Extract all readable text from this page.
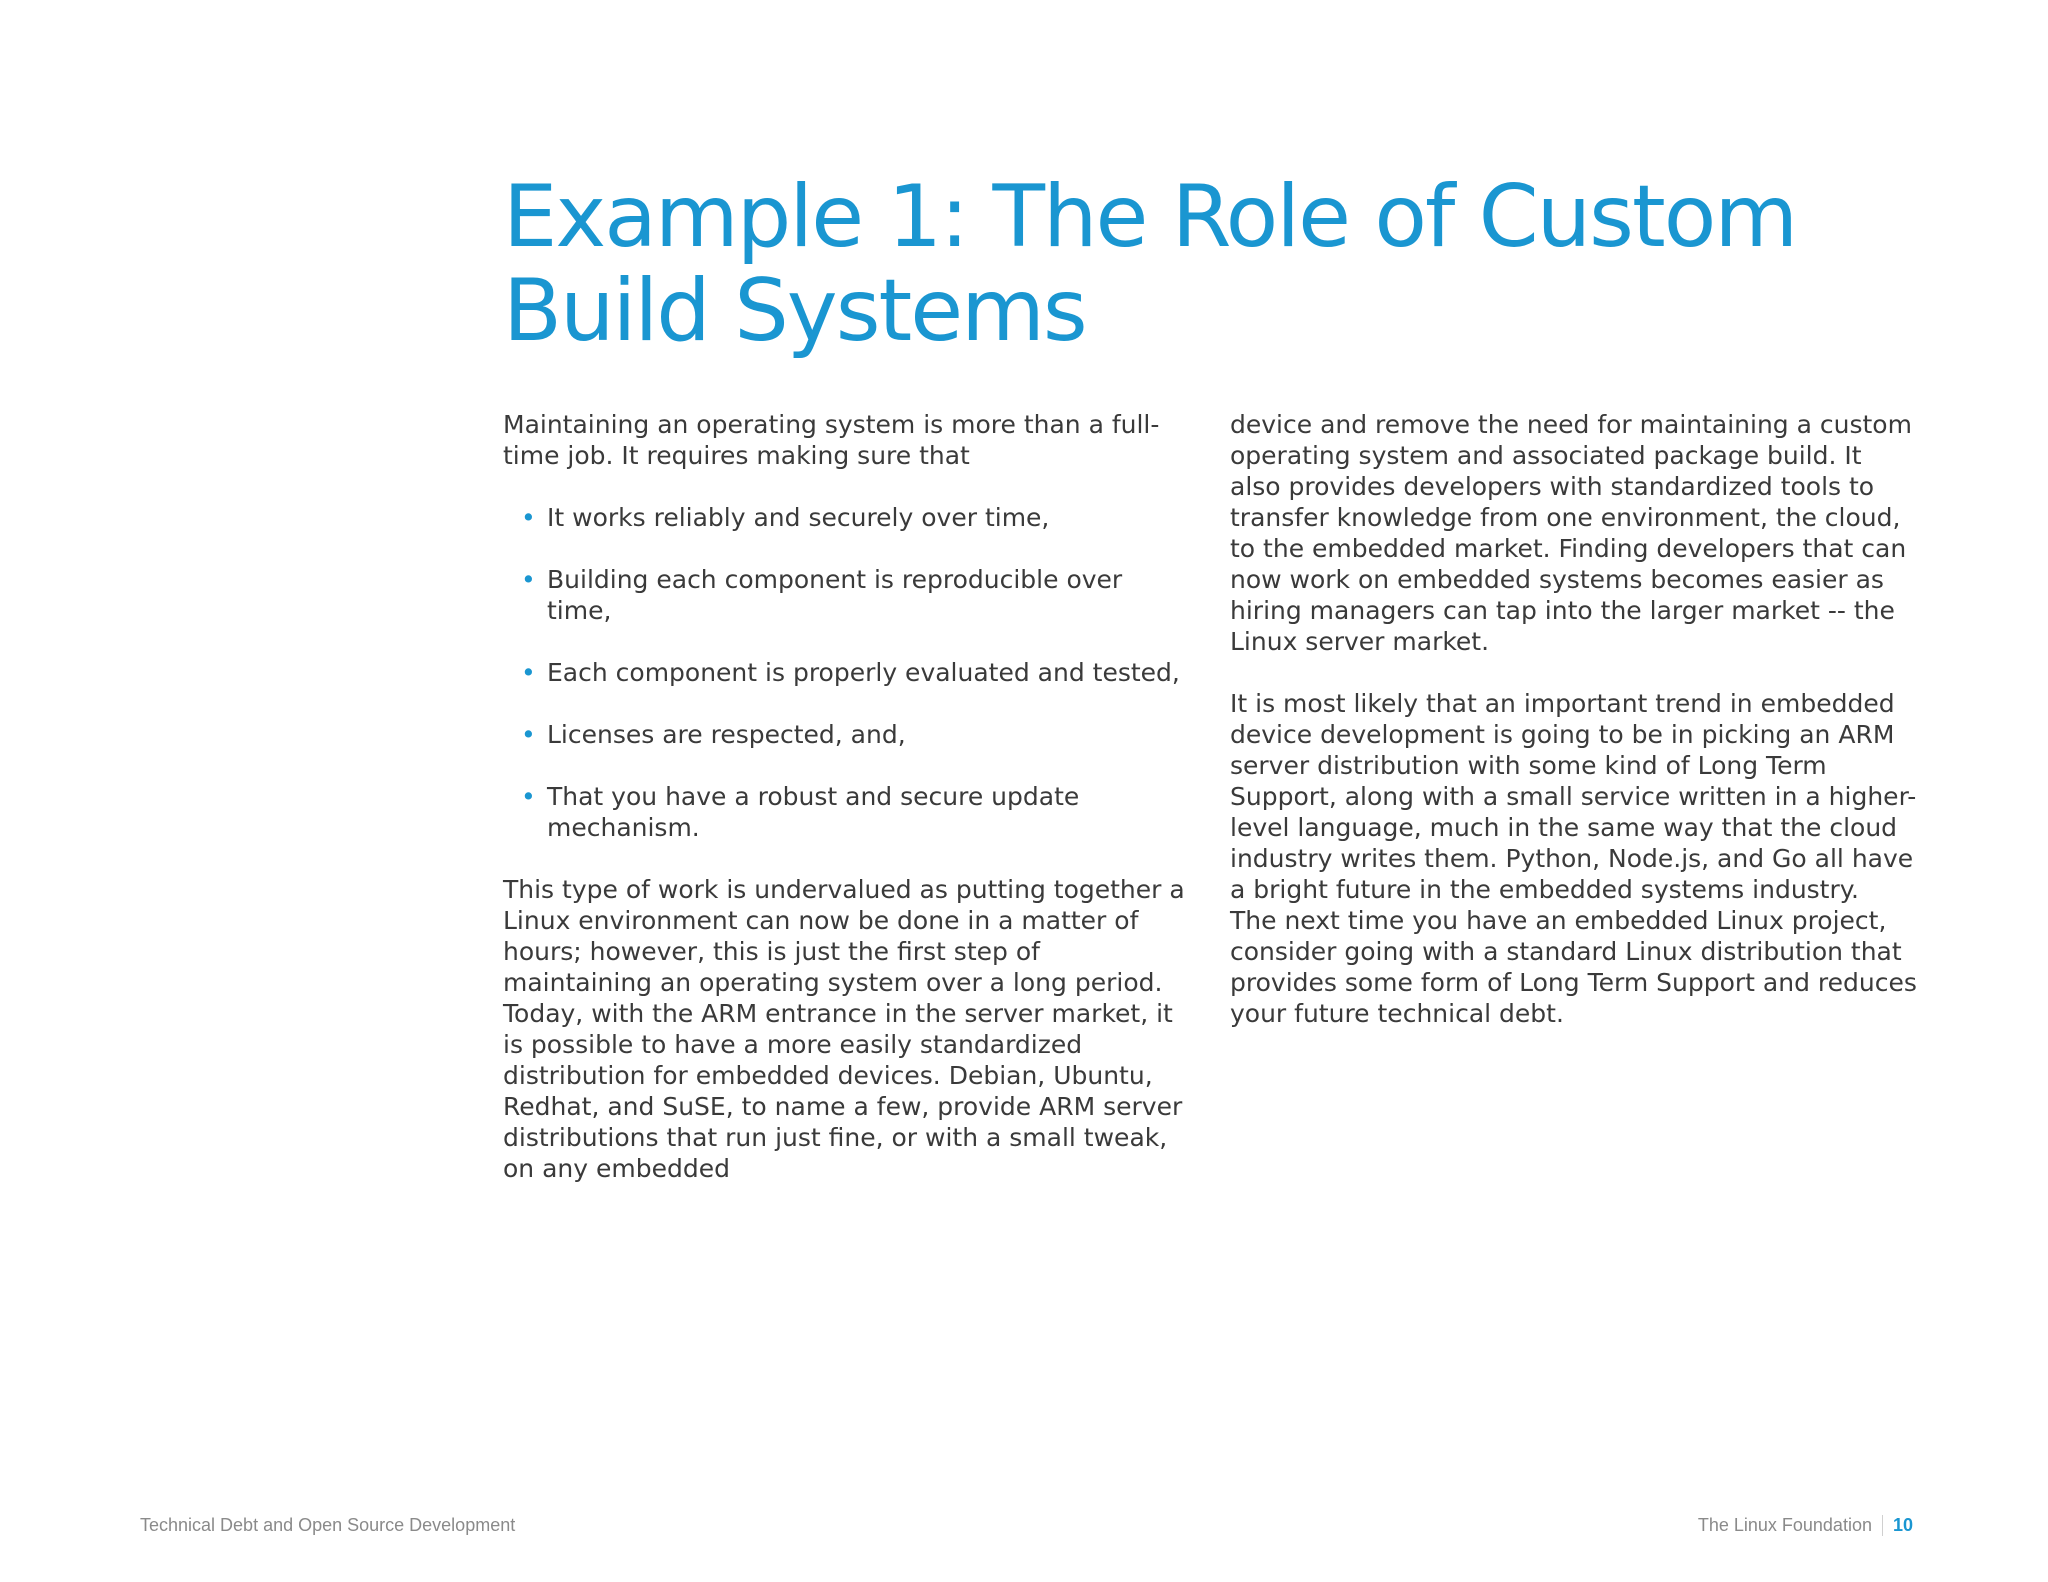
Example 1: The Role of Custom
Build Systems

Maintaining an operating system is more than a full-time job. It requires making sure that

• It works reliably and securely over time,
• Building each component is reproducible over time,
• Each component is properly evaluated and tested,
• Licenses are respected, and,
• That you have a robust and secure update mechanism.

This type of work is undervalued as putting together a Linux environment can now be done in a matter of hours; however, this is just the first step of maintaining an operating system over a long period. Today, with the ARM entrance in the server market, it is possible to have a more easily standardized distribution for embedded devices. Debian, Ubuntu, Redhat, and SuSE, to name a few, provide ARM server distributions that run just fine, or with a small tweak, on any embedded

device and remove the need for maintaining a custom operating system and associated package build. It also provides developers with standardized tools to transfer knowledge from one environment, the cloud, to the embedded market. Finding developers that can now work on embedded systems becomes easier as hiring managers can tap into the larger market -- the Linux server market.

It is most likely that an important trend in embedded device development is going to be in picking an ARM server distribution with some kind of Long Term Support, along with a small service written in a higher-level language, much in the same way that the cloud industry writes them. Python, Node.js, and Go all have a bright future in the embedded systems industry.

The next time you have an embedded Linux project, consider going with a standard Linux distribution that provides some form of Long Term Support and reduces your future technical debt.

Technical Debt and Open Source Development	The Linux Foundation	10
